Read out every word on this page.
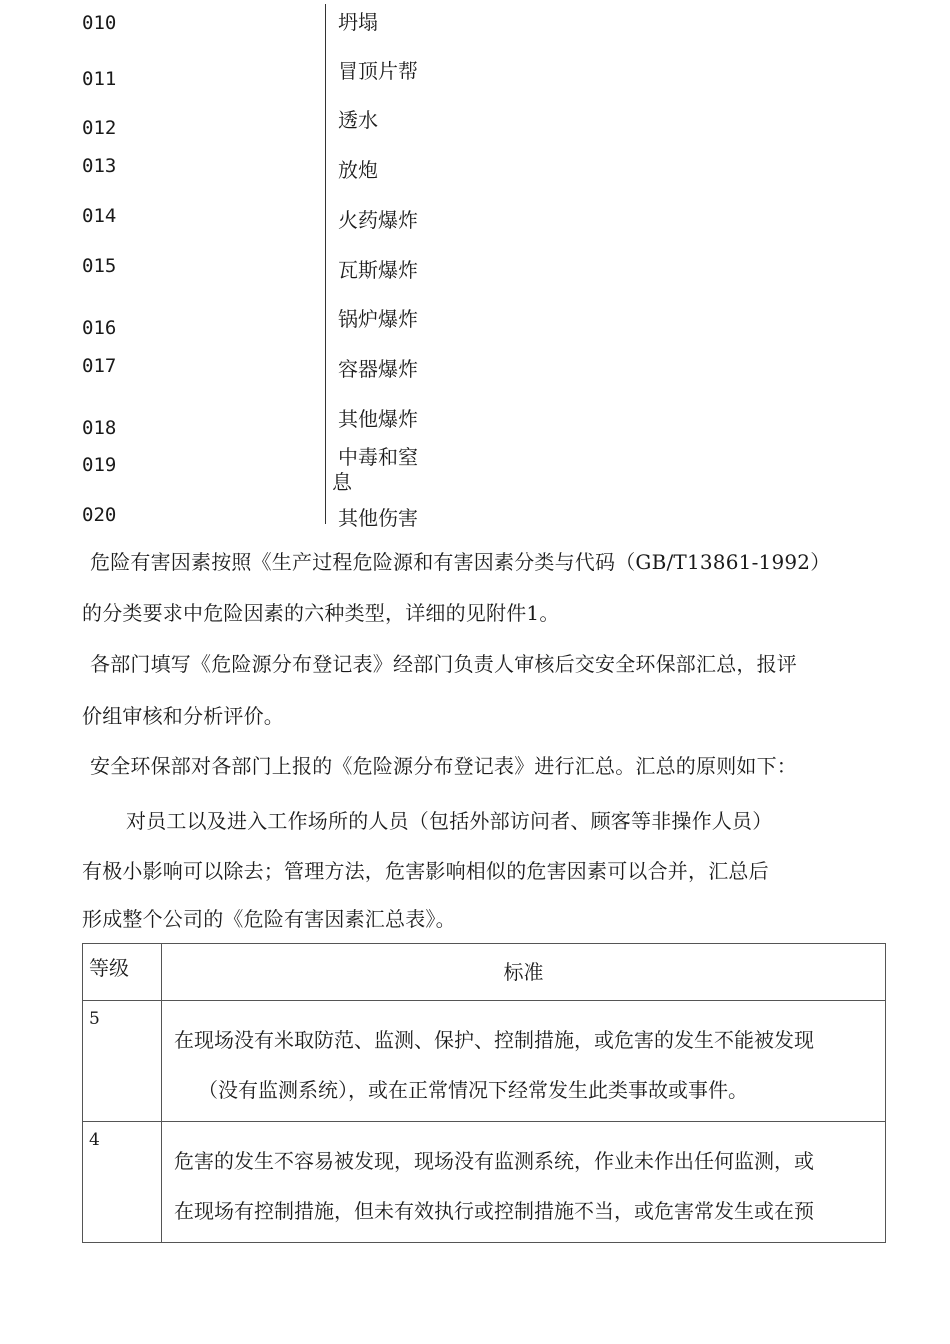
010	坍塌
011	冒顶片帮
012	透水
013	放炮
014	火药爆炸
015	瓦斯爆炸
016	锅炉爆炸
017	容器爆炸
018	其他爆炸
019	中毒和窒
息
020	其他伤害
危险有害因素按照《生产过程危险源和有害因素分类与代码（GB/T13861-1992）
的分类要求中危险因素的六种类型，详细的见附件1。
各部门填写《危险源分布登记表》经部门负责人审核后交安全环保部汇总，报评
价组审核和分析评价。
安全环保部对各部门上报的《危险源分布登记表》进行汇总。汇总的原则如下：
对员工以及进入工作场所的人员（包括外部访问者、顾客等非操作人员）
有极小影响可以除去；管理方法，危害影响相似的危害因素可以合并，汇总后
形成整个公司的《危险有害因素汇总表》。
等级	标准
5	在现场没有米取防范、监测、保护、控制措施，或危害的发生不能被发现
（没有监测系统），或在正常情况下经常发生此类事故或事件。

4	危害的发生不容易被发现，现场没有监测系统，作业未作出任何监测，或
在现场有控制措施，但未有效执行或控制措施不当，或危害常发生或在预
